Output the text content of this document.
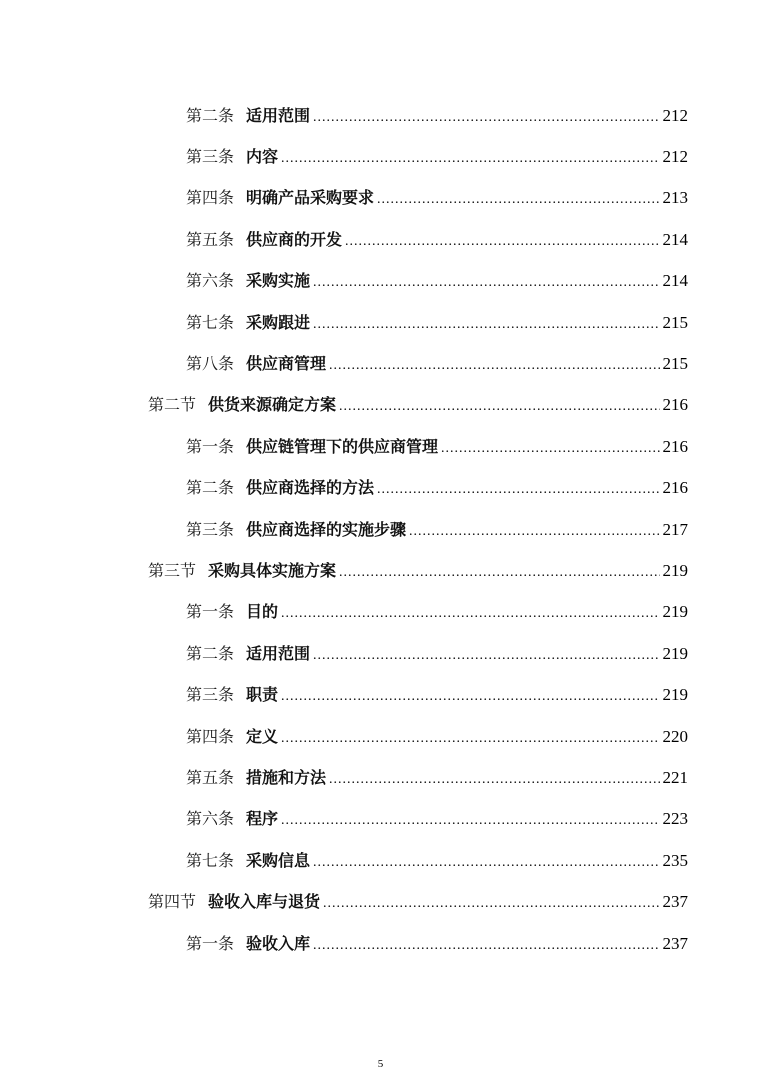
第二条 适用范围 .....	212
第三条 内容 .....	212
第四条 明确产品采购要求 .....	213
第五条 供应商的开发 .....	214
第六条 采购实施 .....	214
第七条 采购跟进 .....	215
第八条 供应商管理 .....	215
第二节 供货来源确定方案 .....	216
第一条 供应链管理下的供应商管理 .....	216
第二条 供应商选择的方法 .....	216
第三条 供应商选择的实施步骤 .....	217
第三节 采购具体实施方案 .....	219
第一条 目的 .....	219
第二条 适用范围 .....	219
第三条 职责 .....	219
第四条 定义 .....	220
第五条 措施和方法 .....	221
第六条 程序 .....	223
第七条 采购信息 .....	235
第四节 验收入库与退货 .....	237
第一条 验收入库 .....	237
5
